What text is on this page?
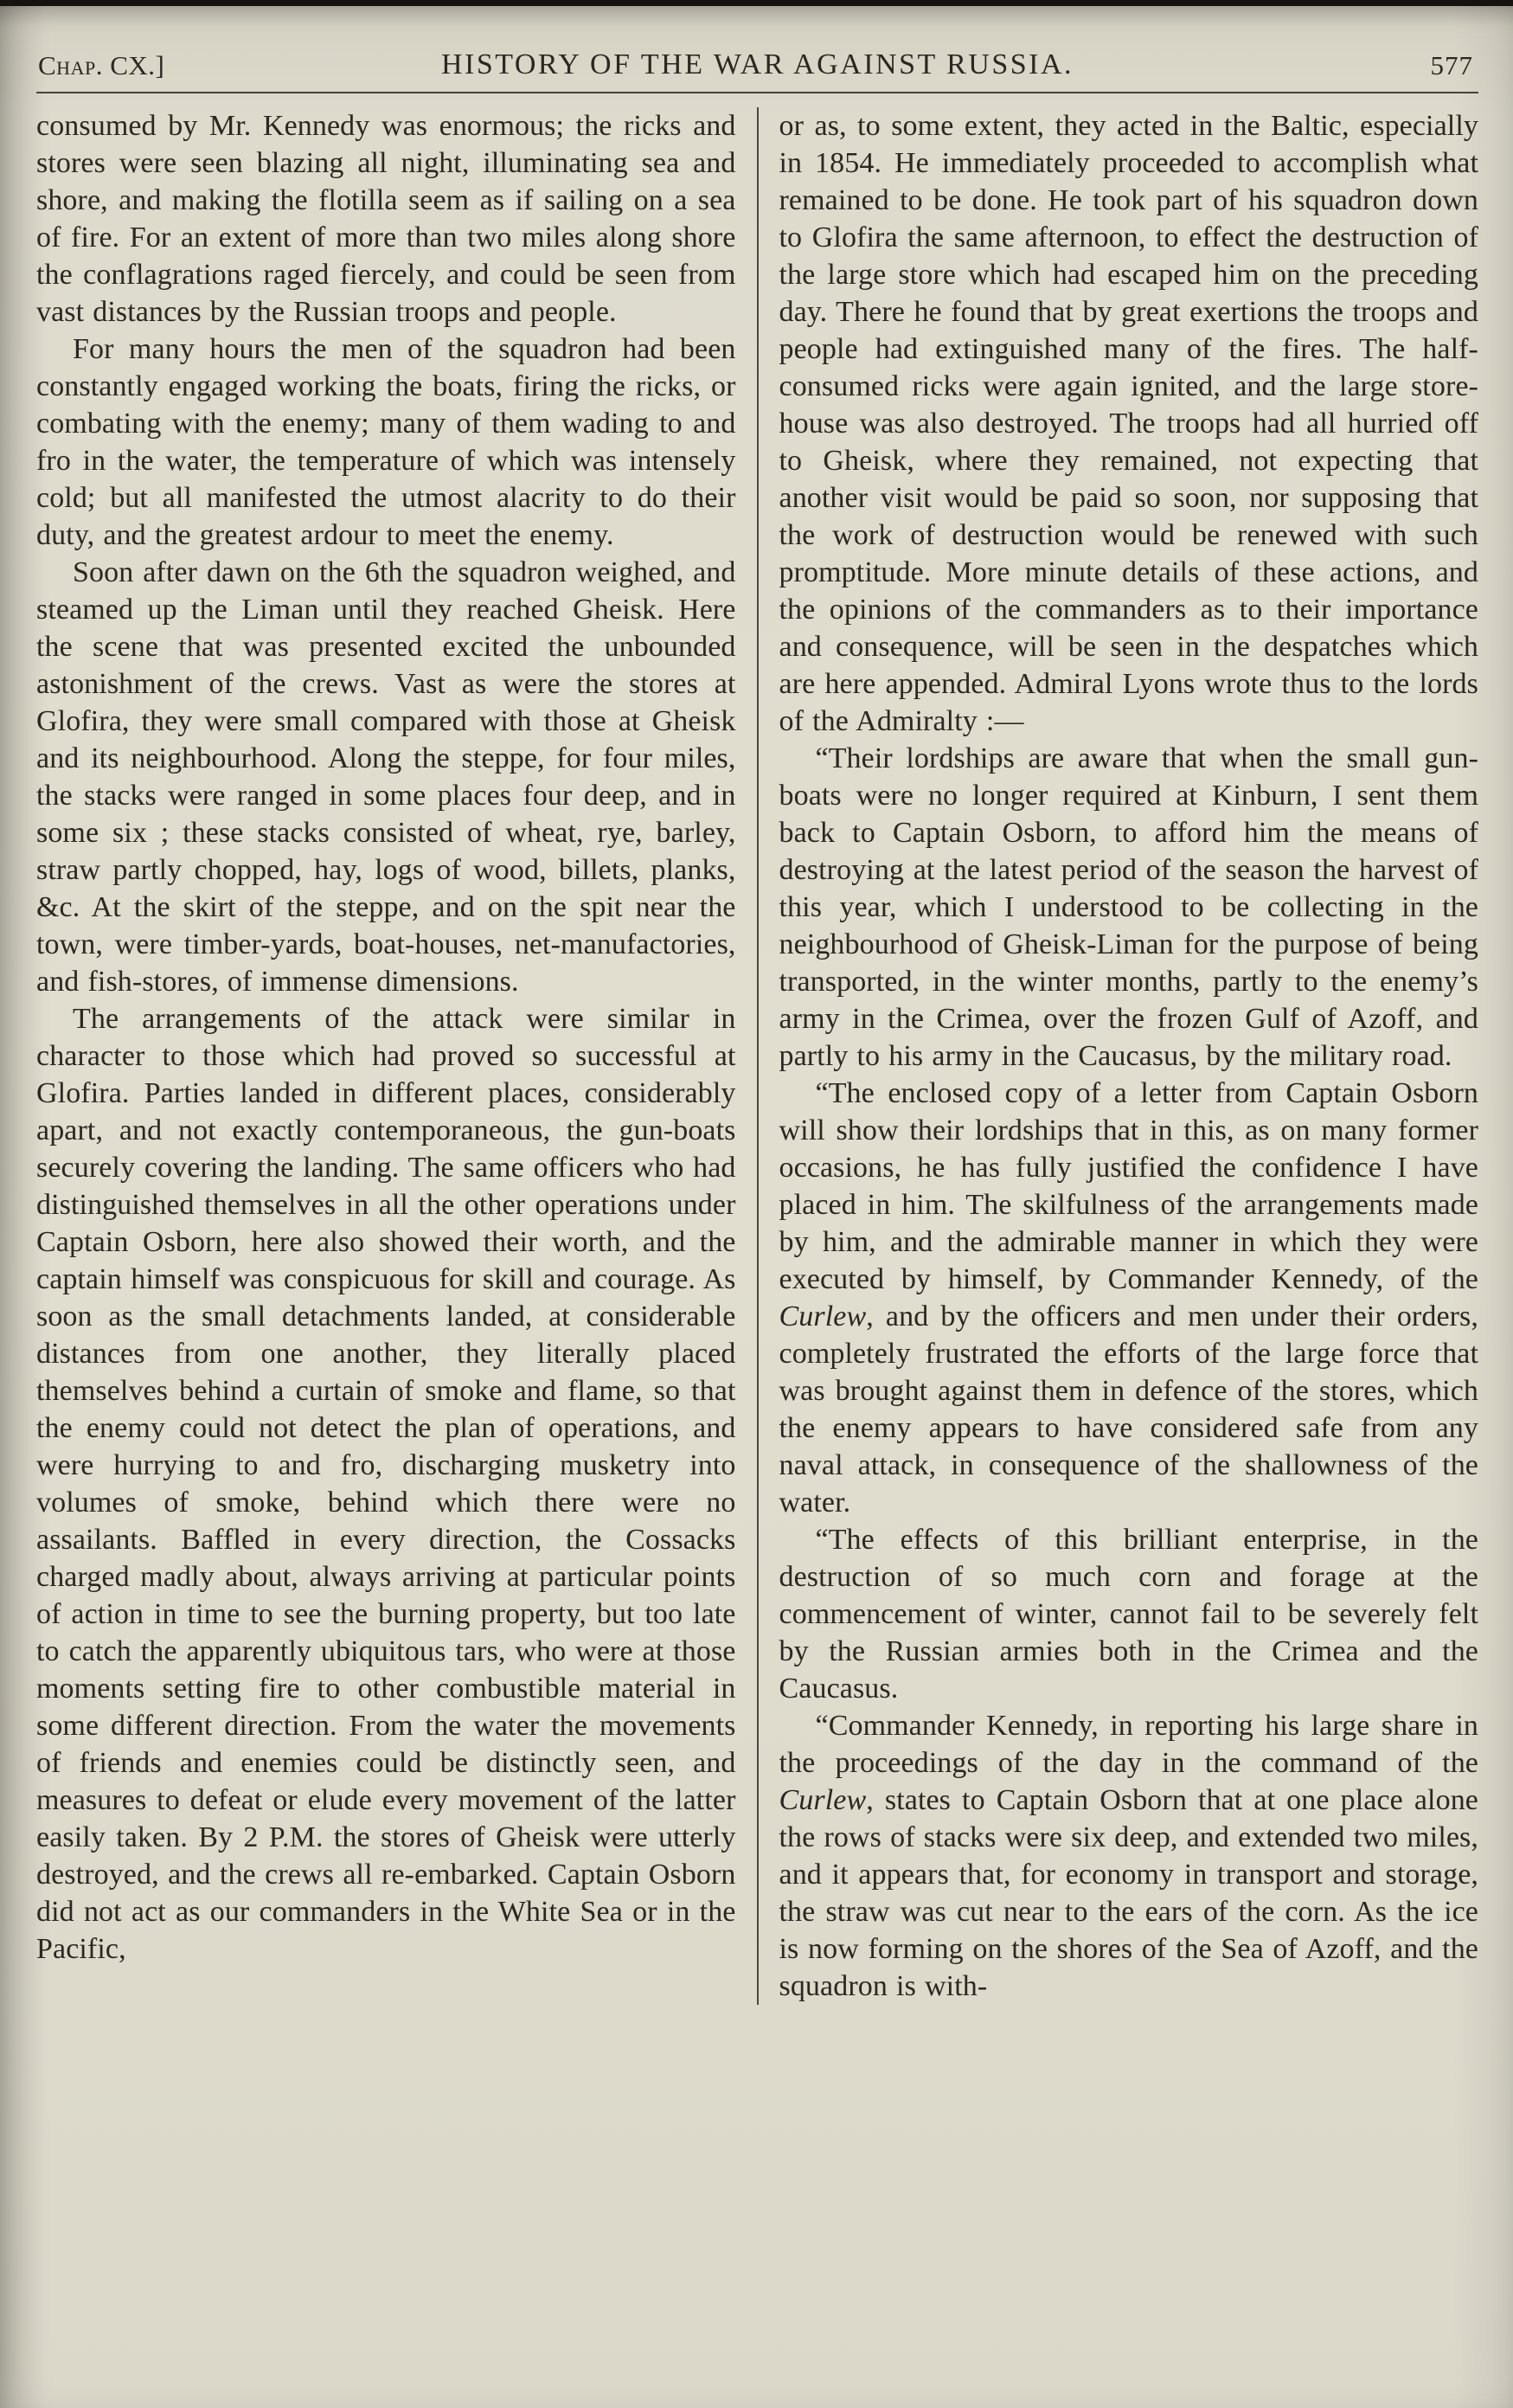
Chap. CX.]	HISTORY OF THE WAR AGAINST RUSSIA.	577

consumed by Mr. Kennedy was enormous; the ricks and stores were seen blazing all night, illuminating sea and shore, and making the flotilla seem as if sailing on a sea of fire. For an extent of more than two miles along shore the conflagrations raged fiercely, and could be seen from vast distances by the Russian troops and people.

For many hours the men of the squadron had been constantly engaged working the boats, firing the ricks, or combating with the enemy; many of them wading to and fro in the water, the temperature of which was intensely cold; but all manifested the utmost alacrity to do their duty, and the greatest ardour to meet the enemy.

Soon after dawn on the 6th the squadron weighed, and steamed up the Liman until they reached Gheisk. Here the scene that was presented excited the unbounded astonishment of the crews. Vast as were the stores at Glofira, they were small compared with those at Gheisk and its neighbourhood. Along the steppe, for four miles, the stacks were ranged in some places four deep, and in some six ; these stacks consisted of wheat, rye, barley, straw partly chopped, hay, logs of wood, billets, planks, &c. At the skirt of the steppe, and on the spit near the town, were timber-yards, boat-houses, net-manufactories, and fish-stores, of immense dimensions.

The arrangements of the attack were similar in character to those which had proved so successful at Glofira. Parties landed in different places, considerably apart, and not exactly contemporaneous, the gun-boats securely covering the landing. The same officers who had distinguished themselves in all the other operations under Captain Osborn, here also showed their worth, and the captain himself was conspicuous for skill and courage. As soon as the small detachments landed, at considerable distances from one another, they literally placed themselves behind a curtain of smoke and flame, so that the enemy could not detect the plan of operations, and were hurrying to and fro, discharging musketry into volumes of smoke, behind which there were no assailants. Baffled in every direction, the Cossacks charged madly about, always arriving at particular points of action in time to see the burning property, but too late to catch the apparently ubiquitous tars, who were at those moments setting fire to other combustible material in some different direction. From the water the movements of friends and enemies could be distinctly seen, and measures to defeat or elude every movement of the latter easily taken. By 2 P.M. the stores of Gheisk were utterly destroyed, and the crews all re-embarked. Captain Osborn did not act as our commanders in the White Sea or in the Pacific,

or as, to some extent, they acted in the Baltic, especially in 1854. He immediately proceeded to accomplish what remained to be done. He took part of his squadron down to Glofira the same afternoon, to effect the destruction of the large store which had escaped him on the preceding day. There he found that by great exertions the troops and people had extinguished many of the fires. The half-consumed ricks were again ignited, and the large store-house was also destroyed. The troops had all hurried off to Gheisk, where they remained, not expecting that another visit would be paid so soon, nor supposing that the work of destruction would be renewed with such promptitude. More minute details of these actions, and the opinions of the commanders as to their importance and consequence, will be seen in the despatches which are here appended. Admiral Lyons wrote thus to the lords of the Admiralty :—

“Their lordships are aware that when the small gun-boats were no longer required at Kinburn, I sent them back to Captain Osborn, to afford him the means of destroying at the latest period of the season the harvest of this year, which I understood to be collecting in the neighbourhood of Gheisk-Liman for the purpose of being transported, in the winter months, partly to the enemy’s army in the Crimea, over the frozen Gulf of Azoff, and partly to his army in the Caucasus, by the military road.

“The enclosed copy of a letter from Captain Osborn will show their lordships that in this, as on many former occasions, he has fully justified the confidence I have placed in him. The skilfulness of the arrangements made by him, and the admirable manner in which they were executed by himself, by Commander Kennedy, of the Curlew, and by the officers and men under their orders, completely frustrated the efforts of the large force that was brought against them in defence of the stores, which the enemy appears to have considered safe from any naval attack, in consequence of the shallowness of the water.

“The effects of this brilliant enterprise, in the destruction of so much corn and forage at the commencement of winter, cannot fail to be severely felt by the Russian armies both in the Crimea and the Caucasus.

“Commander Kennedy, in reporting his large share in the proceedings of the day in the command of the Curlew, states to Captain Osborn that at one place alone the rows of stacks were six deep, and extended two miles, and it appears that, for economy in transport and storage, the straw was cut near to the ears of the corn. As the ice is now forming on the shores of the Sea of Azoff, and the squadron is with-
